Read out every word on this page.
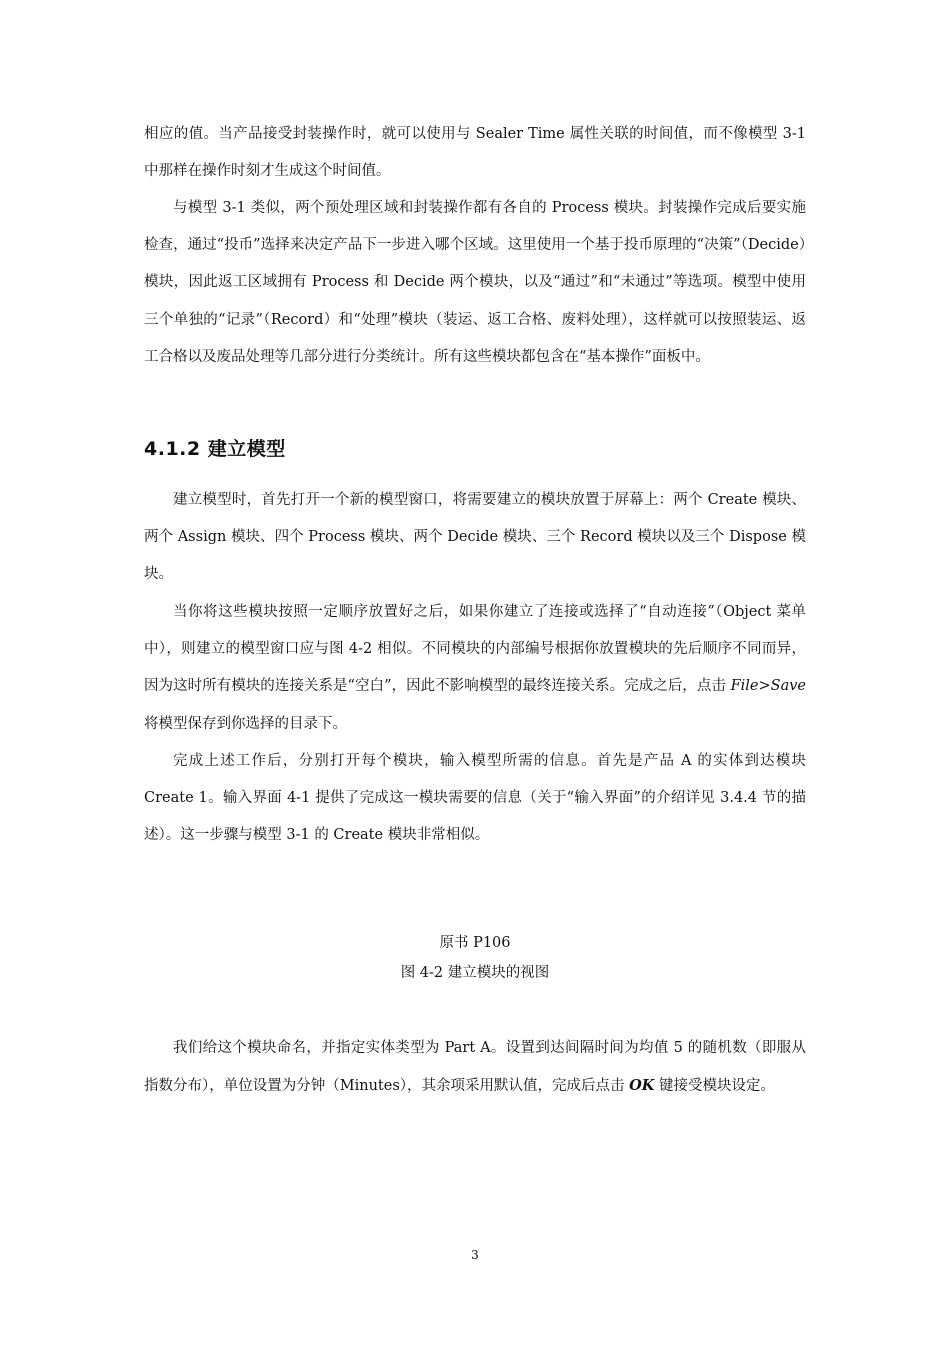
相应的值。当产品接受封装操作时，就可以使用与 Sealer Time 属性关联的时间值，而不像模型 3-1 中那样在操作时刻才生成这个时间值。

与模型 3-1 类似，两个预处理区域和封装操作都有各自的 Process 模块。封装操作完成后要实施检查，通过“投币”选择来决定产品下一步进入哪个区域。这里使用一个基于投币原理的“决策”（Decide）模块，因此返工区域拥有 Process 和 Decide 两个模块，以及“通过”和“未通过”等选项。模型中使用三个单独的“记录”（Record）和“处理”模块（装运、返工合格、废料处理），这样就可以按照装运、返工合格以及废品处理等几部分进行分类统计。所有这些模块都包含在“基本操作”面板中。

4.1.2 建立模型

建立模型时，首先打开一个新的模型窗口，将需要建立的模块放置于屏幕上：两个 Create 模块、两个 Assign 模块、四个 Process 模块、两个 Decide 模块、三个 Record 模块以及三个 Dispose 模块。

当你将这些模块按照一定顺序放置好之后，如果你建立了连接或选择了“自动连接”（Object 菜单中），则建立的模型窗口应与图 4-2 相似。不同模块的内部编号根据你放置模块的先后顺序不同而异，因为这时所有模块的连接关系是“空白”，因此不影响模型的最终连接关系。完成之后，点击 File>Save 将模型保存到你选择的目录下。

完成上述工作后，分别打开每个模块，输入模型所需的信息。首先是产品 A 的实体到达模块 Create 1。输入界面 4-1 提供了完成这一模块需要的信息（关于“输入界面”的介绍详见 3.4.4 节的描述）。这一步骤与模型 3-1 的 Create 模块非常相似。

原书 P106

图 4-2 建立模块的视图

我们给这个模块命名，并指定实体类型为 Part A。设置到达间隔时间为均值 5 的随机数（即服从指数分布），单位设置为分钟（Minutes），其余项采用默认值，完成后点击 OK 键接受模块设定。

3
